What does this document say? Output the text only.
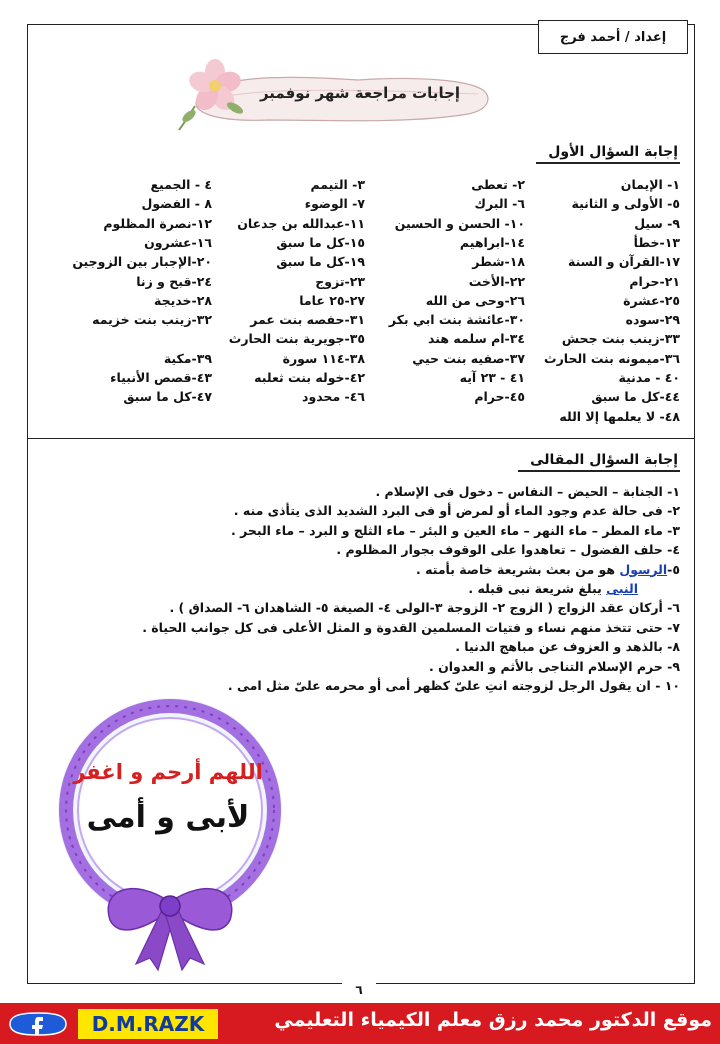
إعداد / أحمد فرج
إجابات مراجعة شهر نوفمبر
إجابة السؤال الأول
١- الإيمان
٢- تعطى
٣- التيمم
٤ - الجميع
٥- الأولى و الثانية
٦- البرك
٧- الوضوء
٨ - الفضول
٩- سيل
١٠- الحسن و الحسين
١١-عبدالله بن جدعان
١٢-نصرة المظلوم
١٣-خطأ
١٤-ابراهيم
١٥-كل ما سبق
١٦-عشرون
١٧-القرآن و السنة
١٨-شطر
١٩-كل ما سبق
٢٠-الإجبار بين الزوجين
٢١-حرام
٢٢-الأخت
٢٣-تزوج
٢٤-قبح و زنا
٢٥-عشرة
٢٦-وحى من الله
٢٧-٢٥ عاما
٢٨-خديجة
٢٩-سوده
٣٠-عائشة بنت ابي بكر
٣١-حفصه بنت عمر
٣٢-زينب بنت خزيمه
٣٣-زينب بنت جحش
٣٤-ام سلمه هند
٣٥-جويرية بنت الحارث
٣٦-ميمونه بنت الحارث
٣٧-صفيه بنت حيي
٣٨-١١٤ سورة
٣٩-مكية
٤٠ - مدنية
٤١ - ٢٣ آيه
٤٢-خوله بنت ثعلبه
٤٣-قصص الأنبياء
٤٤-كل ما سبق
٤٥-حرام
٤٦- محدود
٤٧-كل ما سبق
٤٨- لا يعلمها إلا الله
إجابة السؤال المقالى
١- الجنابة – الحيض – النفاس – دخول فى الإسلام .
٢- فى حالة عدم وجود الماء أو لمرض أو فى البرد الشديد الذى يتأذى منه .
٣- ماء المطر – ماء النهر – ماء العين و البئر – ماء الثلج و البرد – ماء البحر .
٤- حلف الفضول – تعاهدوا على الوقوف بجوار المظلوم .
٥-الرسول هو من بعث بشريعة خاصة بأمته .
النبى يبلغ شريعة نبى قبله .
٦- أركان عقد الزواج ( الزوج ٢- الزوجة ٣-الولى ٤- الصيغة ٥- الشاهدان ٦- الصداق ) .
٧- حتى تتخذ منهم نساء و فتيات المسلمين القدوة و المثل الأعلى فى كل جوانب الحياة .
٨- بالذهد و العزوف عن مباهج الدنيا .
٩- حرم الإسلام التناجى بالأثم و العدوان .
١٠ - ان يقول الرجل لزوجته انتِ علىّ كظهر أمى أو محرمه علىّ مثل امى .
اللهم أرحم و اغفر
لأبى و أمى
٦
موقع الدكتور محمد رزق معلم الكيمياء التعليمي
D.M.RAZK
